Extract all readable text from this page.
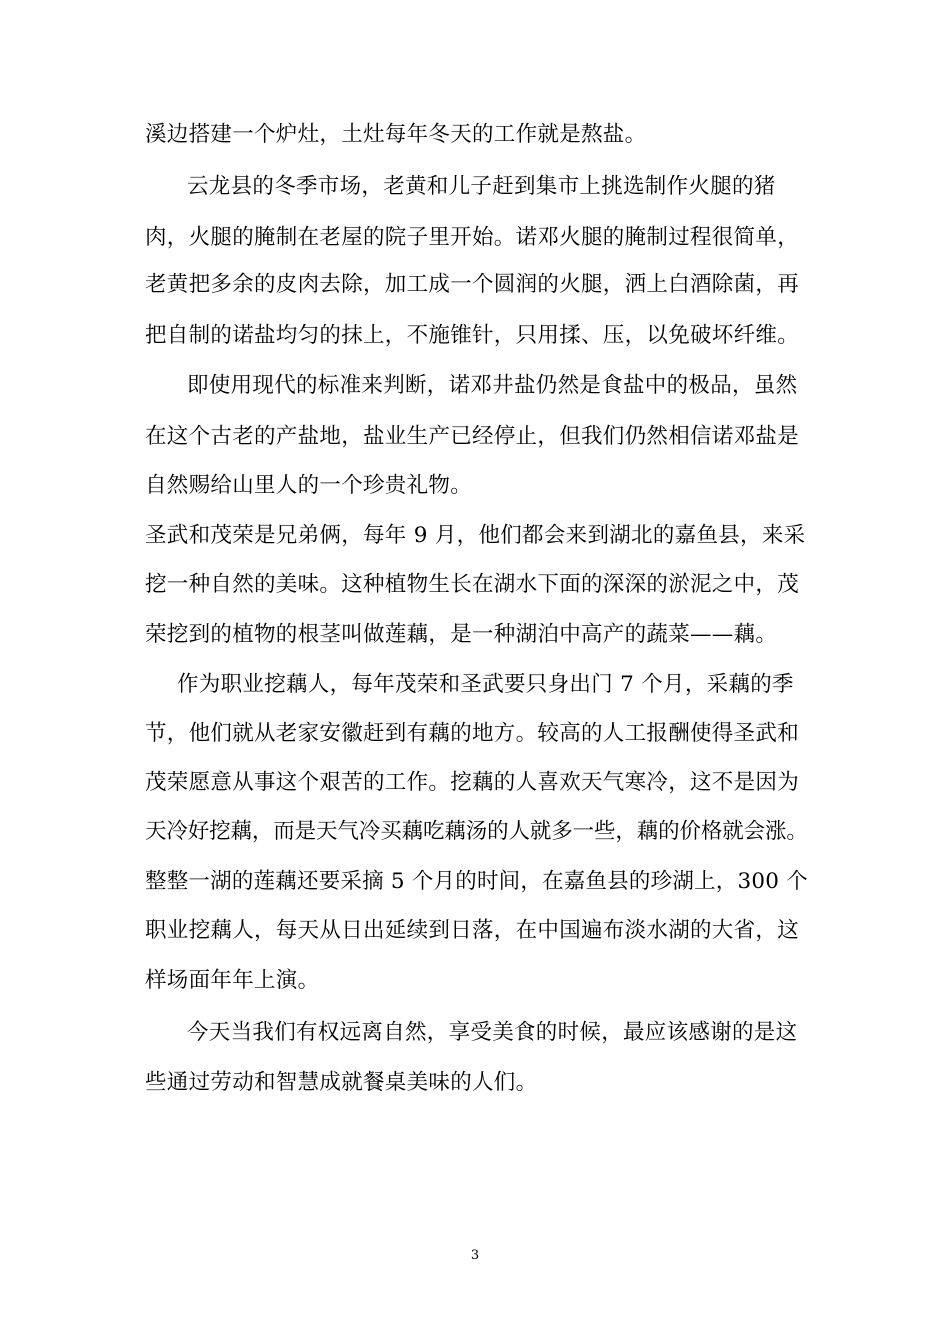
溪边搭建一个炉灶，土灶每年冬天的工作就是熬盐。
云龙县的冬季市场，老黄和儿子赶到集市上挑选制作火腿的猪
肉，火腿的腌制在老屋的院子里开始。诺邓火腿的腌制过程很简单，
老黄把多余的皮肉去除，加工成一个圆润的火腿，洒上白酒除菌，再
把自制的诺盐均匀的抹上，不施锥针，只用揉、压，以免破坏纤维。
即使用现代的标准来判断，诺邓井盐仍然是食盐中的极品，虽然
在这个古老的产盐地，盐业生产已经停止，但我们仍然相信诺邓盐是
自然赐给山里人的一个珍贵礼物。
圣武和茂荣是兄弟俩，每年 9 月，他们都会来到湖北的嘉鱼县，来采
挖一种自然的美味。这种植物生长在湖水下面的深深的淤泥之中，茂
荣挖到的植物的根茎叫做莲藕，是一种湖泊中高产的蔬菜——藕。
作为职业挖藕人，每年茂荣和圣武要只身出门 7 个月，采藕的季
节，他们就从老家安徽赶到有藕的地方。较高的人工报酬使得圣武和
茂荣愿意从事这个艰苦的工作。挖藕的人喜欢天气寒冷，这不是因为
天冷好挖藕，而是天气冷买藕吃藕汤的人就多一些，藕的价格就会涨。
整整一湖的莲藕还要采摘 5 个月的时间，在嘉鱼县的珍湖上，300 个
职业挖藕人，每天从日出延续到日落，在中国遍布淡水湖的大省，这
样场面年年上演。
今天当我们有权远离自然，享受美食的时候，最应该感谢的是这
些通过劳动和智慧成就餐桌美味的人们。
3
